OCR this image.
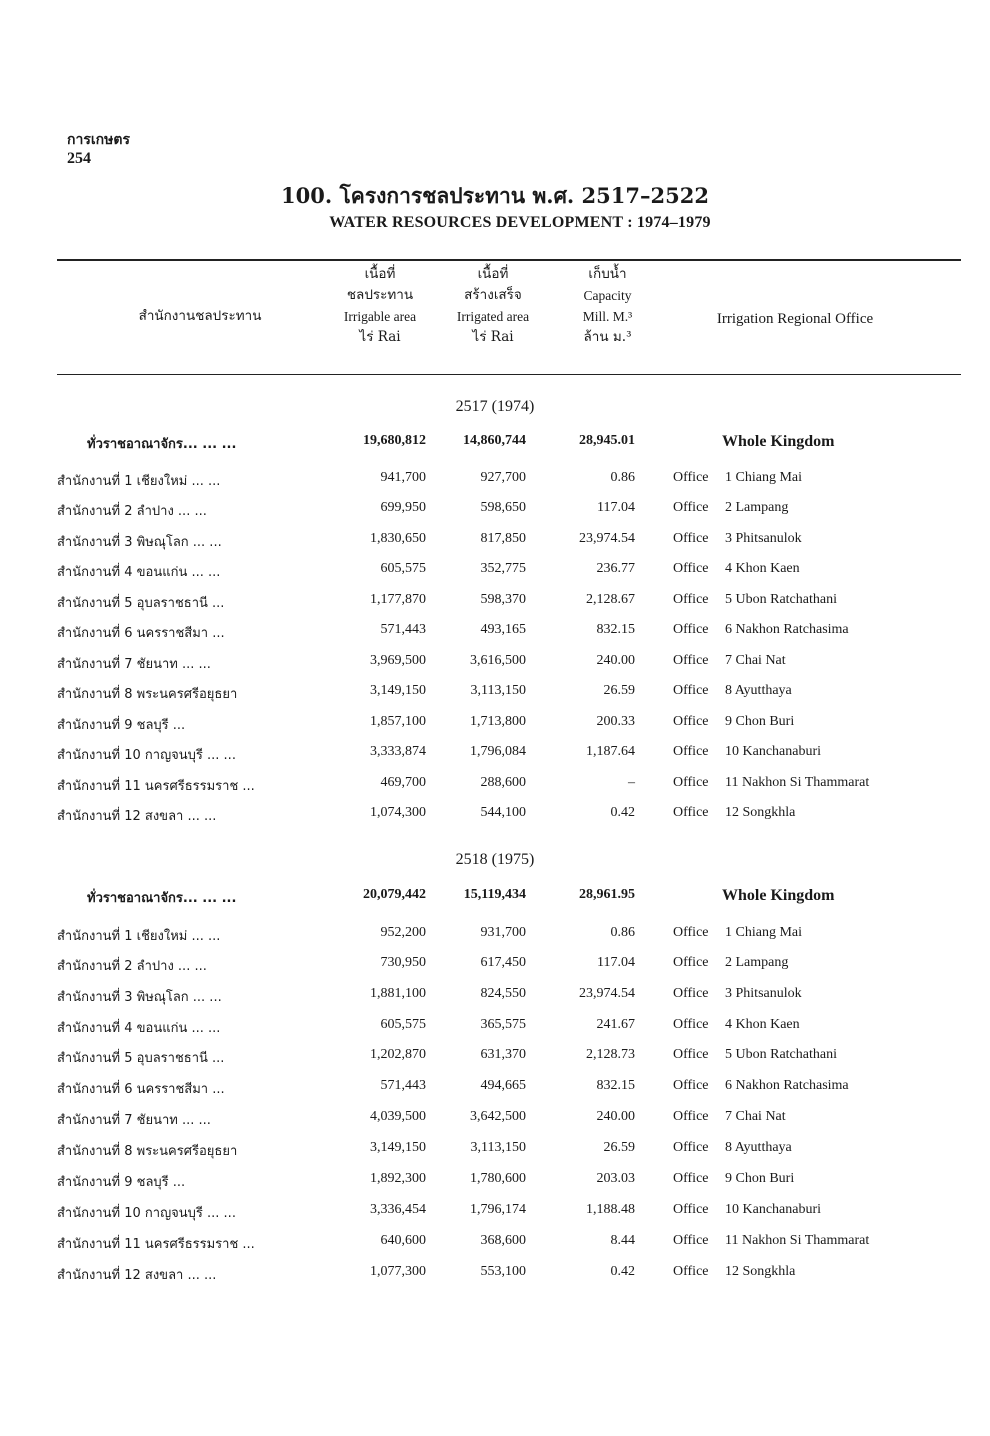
การเกษตร
254
100. โครงการชลประทาน พ.ศ. 2517–2522
WATER RESOURCES DEVELOPMENT : 1974–1979
สำนักงานชลประทาน
เนื้อที่
ชลประทาน
Irrigable area
ไร่ Rai
เนื้อที่
สร้างเสร็จ
Irrigated area
ไร่ Rai
เก็บน้ำ
Capacity
Mill. M.³
ล้าน ม.³
Irrigation Regional Office
2517 (1974)
ทั่วราชอาณาจักร... ... ...	19,680,812	14,860,744	28,945.01	Whole Kingdom
สำนักงานที่ 1 เชียงใหม่ ... ...	941,700	927,700	0.86	Office 1 Chiang Mai
สำนักงานที่ 2 ลำปาง ... ...	699,950	598,650	117.04	Office 2 Lampang
สำนักงานที่ 3 พิษณุโลก ... ...	1,830,650	817,850	23,974.54	Office 3 Phitsanulok
สำนักงานที่ 4 ขอนแก่น ... ...	605,575	352,775	236.77	Office 4 Khon Kaen
สำนักงานที่ 5 อุบลราชธานี ...	1,177,870	598,370	2,128.67	Office 5 Ubon Ratchathani
สำนักงานที่ 6 นครราชสีมา ...	571,443	493,165	832.15	Office 6 Nakhon Ratchasima
สำนักงานที่ 7 ชัยนาท ... ...	3,969,500	3,616,500	240.00	Office 7 Chai Nat
สำนักงานที่ 8 พระนครศรีอยุธยา	3,149,150	3,113,150	26.59	Office 8 Ayutthaya
สำนักงานที่ 9 ชลบุรี ...	1,857,100	1,713,800	200.33	Office 9 Chon Buri
สำนักงานที่ 10 กาญจนบุรี ... ...	3,333,874	1,796,084	1,187.64	Office 10 Kanchanaburi
สำนักงานที่ 11 นครศรีธรรมราช ...	469,700	288,600	–	Office 11 Nakhon Si Thammarat
สำนักงานที่ 12 สงขลา ... ...	1,074,300	544,100	0.42	Office 12 Songkhla
2518 (1975)
ทั่วราชอาณาจักร... ... ...	20,079,442	15,119,434	28,961.95	Whole Kingdom
สำนักงานที่ 1 เชียงใหม่ ... ...	952,200	931,700	0.86	Office 1 Chiang Mai
สำนักงานที่ 2 ลำปาง ... ...	730,950	617,450	117.04	Office 2 Lampang
สำนักงานที่ 3 พิษณุโลก ... ...	1,881,100	824,550	23,974.54	Office 3 Phitsanulok
สำนักงานที่ 4 ขอนแก่น ... ...	605,575	365,575	241.67	Office 4 Khon Kaen
สำนักงานที่ 5 อุบลราชธานี ...	1,202,870	631,370	2,128.73	Office 5 Ubon Ratchathani
สำนักงานที่ 6 นครราชสีมา ...	571,443	494,665	832.15	Office 6 Nakhon Ratchasima
สำนักงานที่ 7 ชัยนาท ... ...	4,039,500	3,642,500	240.00	Office 7 Chai Nat
สำนักงานที่ 8 พระนครศรีอยุธยา	3,149,150	3,113,150	26.59	Office 8 Ayutthaya
สำนักงานที่ 9 ชลบุรี ...	1,892,300	1,780,600	203.03	Office 9 Chon Buri
สำนักงานที่ 10 กาญจนบุรี ... ...	3,336,454	1,796,174	1,188.48	Office 10 Kanchanaburi
สำนักงานที่ 11 นครศรีธรรมราช ...	640,600	368,600	8.44	Office 11 Nakhon Si Thammarat
สำนักงานที่ 12 สงขลา ... ...	1,077,300	553,100	0.42	Office 12 Songkhla
